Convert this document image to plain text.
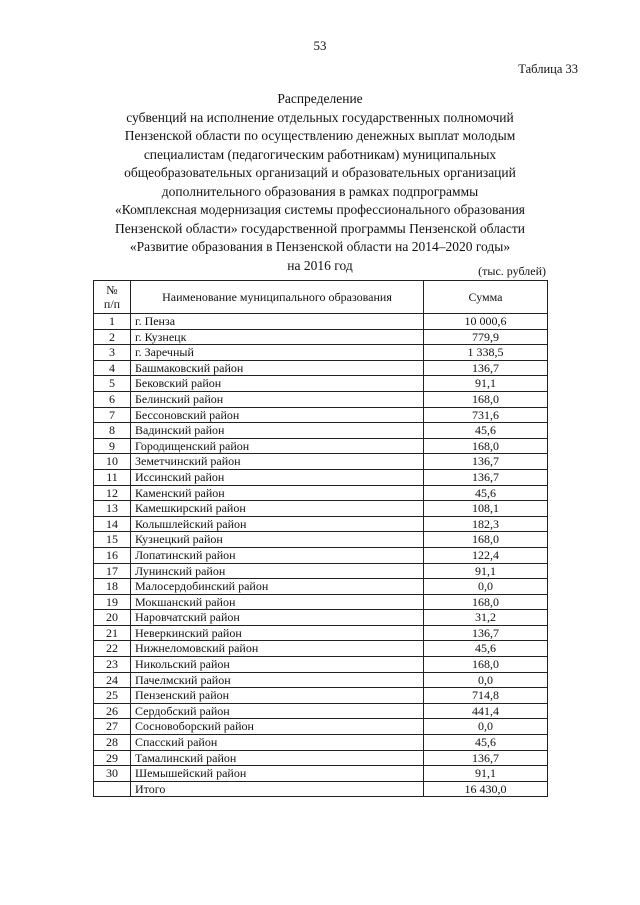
53
Таблица 33
Распределение
субвенций на исполнение отдельных государственных полномочий
Пензенской области по осуществлению денежных выплат молодым
специалистам (педагогическим работникам) муниципальных
общеобразовательных организаций и образовательных организаций
дополнительного образования в рамках подпрограммы
«Комплексная модернизация системы профессионального образования
Пензенской области» государственной программы Пензенской области
«Развитие образования в Пензенской области на 2014–2020 годы»
на 2016 год	(тыс. рублей)
№
п/п	Наименование муниципального образования	Сумма
1	г. Пенза	10 000,6
2	г. Кузнецк	779,9
3	г. Заречный	1 338,5
4	Башмаковский район	136,7
5	Бековский район	91,1
6	Белинский район	168,0
7	Бессоновский район	731,6
8	Вадинский район	45,6
9	Городищенский район	168,0
10	Земетчинский район	136,7
11	Иссинский район	136,7
12	Каменский район	45,6
13	Камешкирский район	108,1
14	Колышлейский район	182,3
15	Кузнецкий район	168,0
16	Лопатинский район	122,4
17	Лунинский район	91,1
18	Малосердобинский район	0,0
19	Мокшанский район	168,0
20	Наровчатский район	31,2
21	Неверкинский район	136,7
22	Нижнеломовский район	45,6
23	Никольский район	168,0
24	Пачелмский район	0,0
25	Пензенский район	714,8
26	Сердобский район	441,4
27	Сосновоборский район	0,0
28	Спасский район	45,6
29	Тамалинский район	136,7
30	Шемышейский район	91,1
	Итого	16 430,0
